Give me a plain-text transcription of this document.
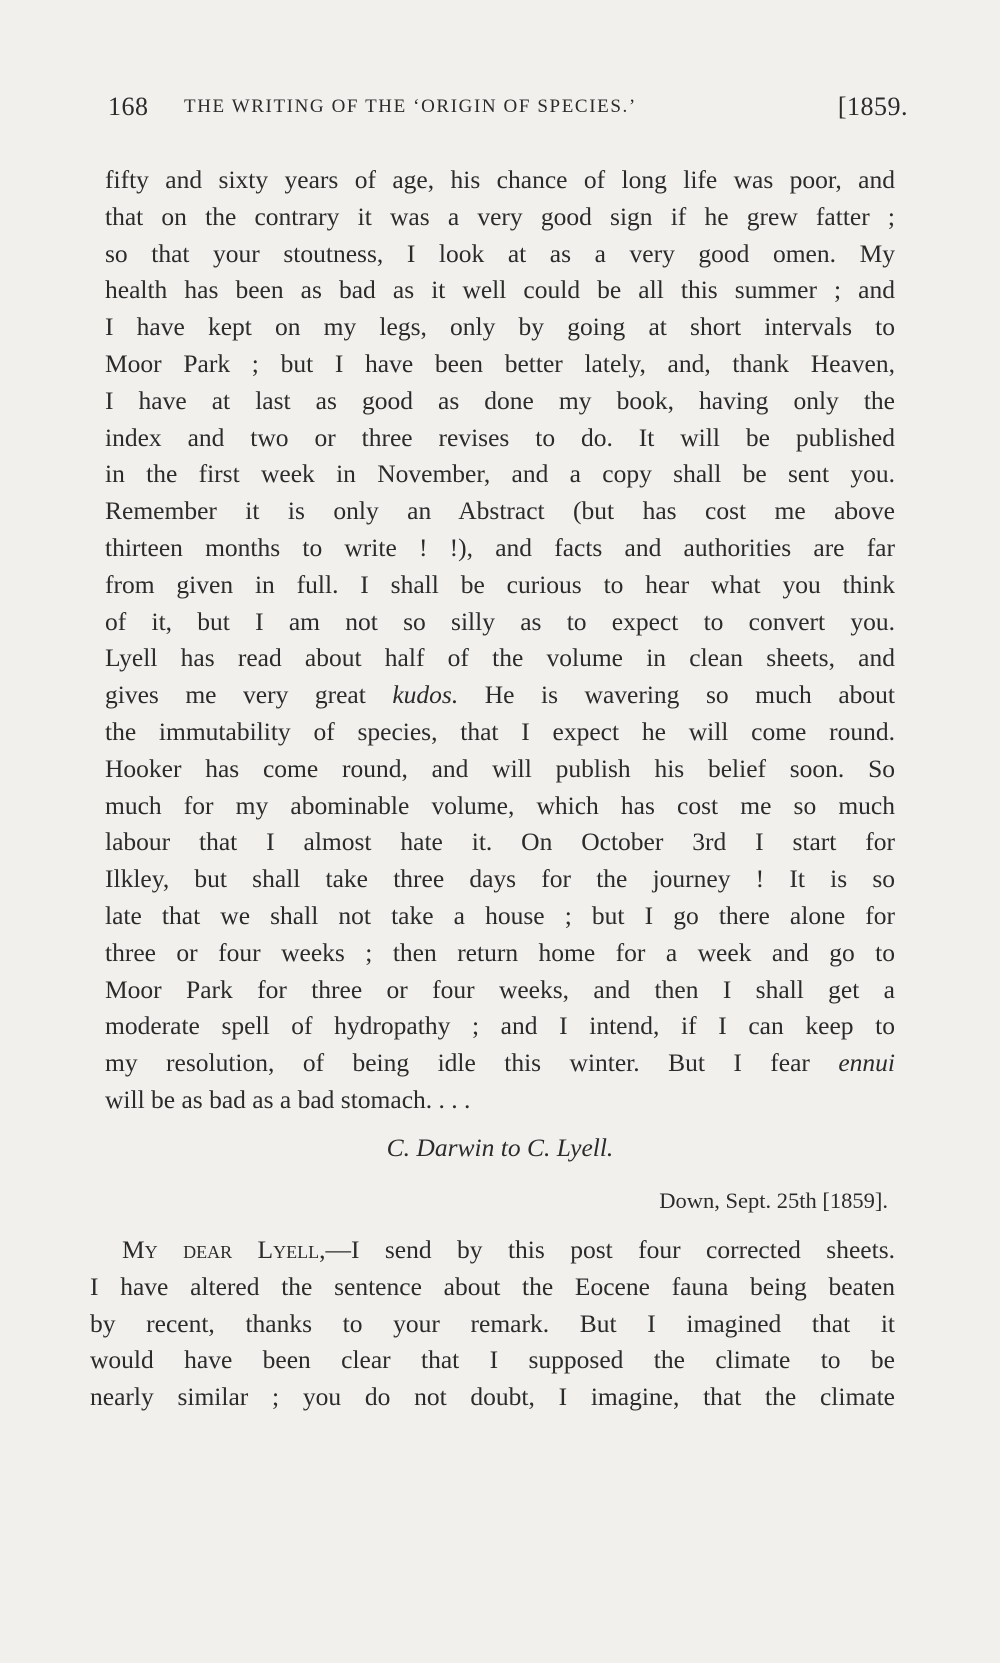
168 THE WRITING OF THE ‘ORIGIN OF SPECIES.’	[1859.
fifty and sixty years of age, his chance of long life was poor, and
that on the contrary it was a very good sign if he grew fatter ;
so that your stoutness, I look at as a very good omen. My
health has been as bad as it well could be all this summer ; and
I have kept on my legs, only by going at short intervals to
Moor Park ; but I have been better lately, and, thank Heaven,
I have at last as good as done my book, having only the
index and two or three revises to do. It will be published
in the first week in November, and a copy shall be sent you.
Remember it is only an Abstract (but has cost me above
thirteen months to write ! !), and facts and authorities are far
from given in full. I shall be curious to hear what you think
of it, but I am not so silly as to expect to convert you.
Lyell has read about half of the volume in clean sheets, and
gives me very great kudos. He is wavering so much about
the immutability of species, that I expect he will come round.
Hooker has come round, and will publish his belief soon. So
much for my abominable volume, which has cost me so much
labour that I almost hate it. On October 3rd I start for
Ilkley, but shall take three days for the journey ! It is so
late that we shall not take a house ; but I go there alone for
three or four weeks ; then return home for a week and go to
Moor Park for three or four weeks, and then I shall get a
moderate spell of hydropathy ; and I intend, if I can keep to
my resolution, of being idle this winter. But I fear ennui
will be as bad as a bad stomach. . . .
C. Darwin to C. Lyell.
Down, Sept. 25th [1859].
My dear Lyell,—I send by this post four corrected sheets.
I have altered the sentence about the Eocene fauna being beaten
by recent, thanks to your remark. But I imagined that it
would have been clear that I supposed the climate to be
nearly similar ; you do not doubt, I imagine, that the climate
